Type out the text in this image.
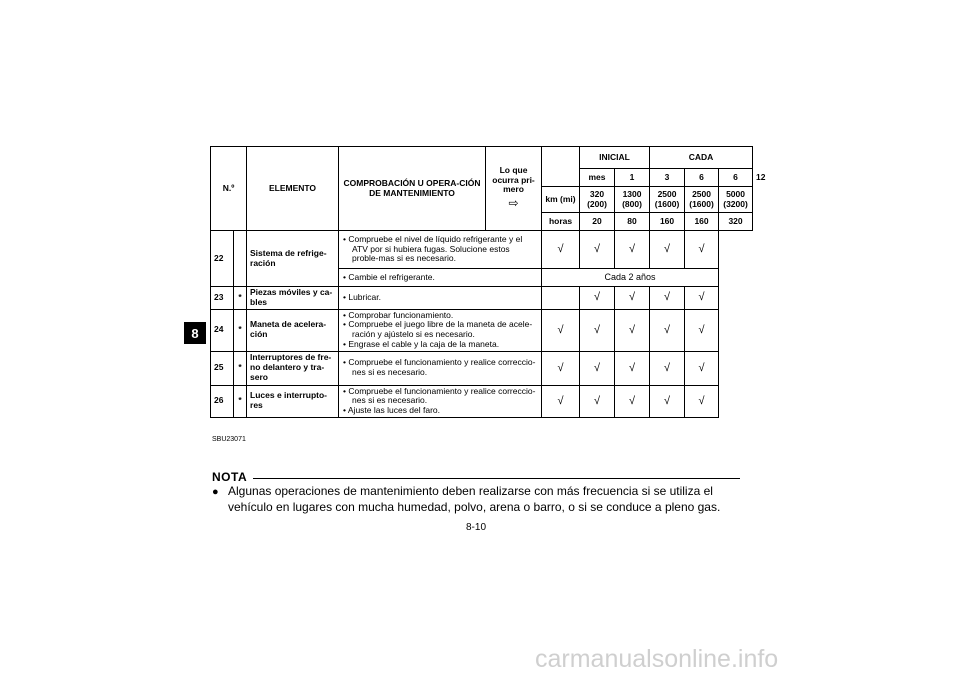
8
N.º		ELEMENTO	COMPROBACIÓN U OPERA-CIÓN DE MANTENIMIENTO	Lo que ocurra pri-mero
⇨		INICIAL		CADA			
						mes	1	3	6	6	12
					km (mi)	320 (200)	1300 (800)	2500 (1600)	2500 (1600)	5000 (3200)	
					horas	20	80	160	160	320	
22		Sistema de refrige-ración	• Compruebe el nivel de líquido refrigerante y el ATV por si hubiera fugas. Solucione estos proble-mas si es necesario.		√	√	√	√	√		

			• Cambie el refrigerante.		Cada 2 años						
23	*	Piezas móviles y ca-bles	• Lubricar.			√	√	√	√		
24	*	Maneta de acelera-ción	• Comprobar funcionamiento.
• Compruebe el juego libre de la maneta de acele-ración y ajústelo si es necesario.
• Engrase el cable y la caja de la maneta.		√	√	√	√	√		
25	*	Interruptores de fre-no delantero y tra-sero	• Compruebe el funcionamiento y realice correccio-nes si es necesario.		√	√	√	√	√		
26	*	Luces e interrupto-res	• Compruebe el funcionamiento y realice correccio-nes si es necesario.
• Ajuste las luces del faro.		√	√	√	√	√		
SBU23071
NOTA
● Algunas operaciones de mantenimiento deben realizarse con más frecuencia si se utiliza el vehículo en lugares con mucha humedad, polvo, arena o barro, o si se conduce a pleno gas.
8-10
carmanualsonline.info
